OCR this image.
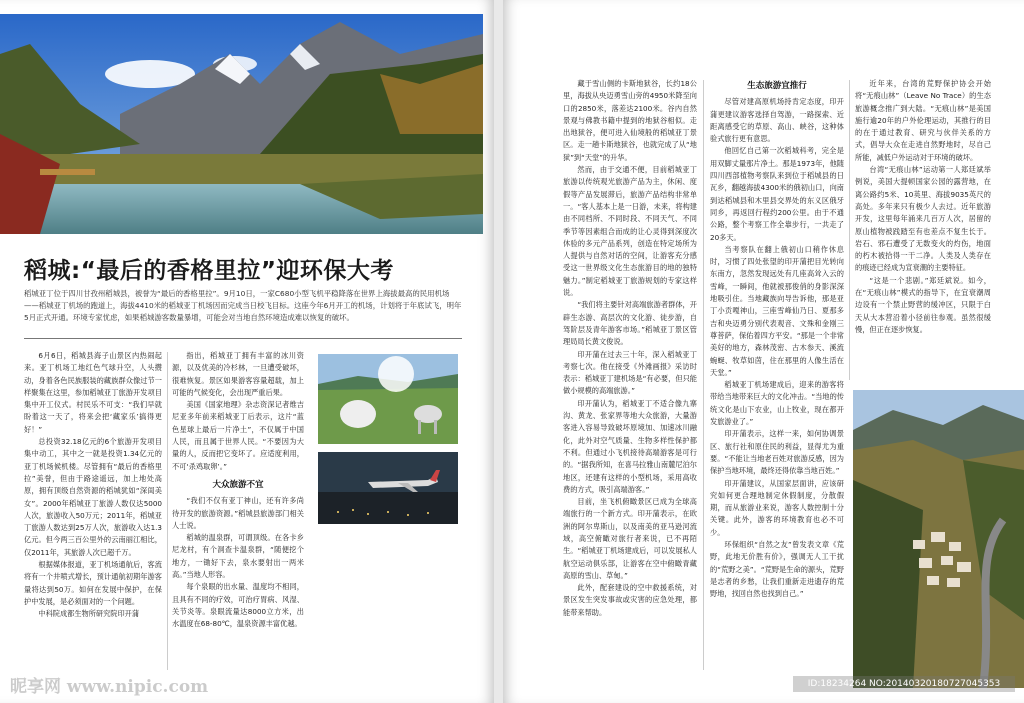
稻城:“最后的香格里拉”迎环保大考
稻城亚丁位于四川甘孜州稻城县，被誉为“最后的香格里拉”。9月10日，一家C680小型飞机平稳降落在世界上海拔最高的民用机场——稻城亚丁机场的跑道上，海拔4410米的稻城亚丁机场因而完成当日校飞目标。这座今年6月开工的机场，计划将于年底试飞，明年5月正式开通。环境专家忧虑，如果稻城游客数量暴增，可能会对当地自然环境造成难以恢复的破坏。

6月6日，稻城县海子山景区内热闹起来。亚丁机场工地红色气球升空，人头攒动，身着各色民族服装的藏族群众像过节一样聚集在这里，参加稻城亚丁旅游开发项目集中开工仪式。村民乐不可支：“我们早就盼着这一天了，将来会把‘藏家乐’搞得更好！”

总投资32.18亿元的6个旅游开发项目集中动工，其中之一就是投资1.34亿元的亚丁机场候机楼。尽管拥有“最后的香格里拉”美誉，但由于路途遥远，加上地处高原，拥有顶级自然资源的稻城犹如“深闺美女”。2000年稻城亚丁旅游人数仅达5000人次，旅游收入50万元；2011年，稻城亚丁旅游人数达到25万人次，旅游收入达1.3亿元。但今两三百公里外的云南丽江相比，仅2011年，其旅游人次已超千万。

根据媒体报道，亚丁机场通航后，客流将有一个井喷式增长，预计通航初期年游客量将达到50万。如何在发展中保护，在保护中发展，是必须面对的一个问题。

中科院成都生物所研究院印开蒲

指出，稻城亚丁拥有丰富的冰川资源，以及优美的冷杉林，一旦遭受破坏，很难恢复。景区如果游客容量超载，加上可能的气候变化，会出现严重后果。

美国《国家地理》杂志资深记者维吉尼亚多年前来稻城亚丁后表示，这片“蓝色星球上最后一片净土”，不仅属于中国人民，而且属于世界人民。“不要因为大量的人，反而把它变坏了。应适度利用，不可‘杀鸡取卵’。”

大众旅游不宜

“我们不仅有亚丁神山，还有许多尚待开发的旅游资源。”稻城县旅游部门相关人士说。

稻城的温泉群，可谓顶级。在各卡乡尼龙村，有个洞查卡温泉群，“随便挖个地方，一锄好下去，泉水要射出一两米高。”当地人形容。

每个泉眼的出水量、温度均不相同，且具有不同的疗效，可治疗胃病、风湿、关节炎等。泉眼流量达8000立方米，出水温度在68-80℃，温泉资源丰富优越。

昵享网 www.nipic.com

藏于雪山侧的卡斯地狱谷，长约18公里，海拔从央迈勇雪山旁的4950米降至向口的2850米，落差达2100米。谷内自然景观与佛教书籍中提到的地狱谷相似。走出地狱谷，便可进入仙境般的稻城亚丁景区。走一趟卡斯地狱谷，也就完成了从“地狱”到“天堂”的升华。

然而，由于交通不便，目前稻城亚丁旅游以传统观光旅游产品为主，休闲、度假等产品发展滞后，旅游产品结构非常单一。“客人基本上是一日游，未来，将构建由不同档所、不同时段、不同天气、不同季节等因素组合而成的让心灵得到深度次休验的多元产品系列，创造在特定场所为人提供与自然对话的空间，让游客充分感受这一世界级文化生态旅游目的地的独特魅力。”制定稻城亚丁旅游规划的专家这样说。

“我们将主要针对高端旅游者群体，开辟生态游、高层次的文化游、徒步游，自驾阶层及青年游客市场。”稻城亚丁景区管理局局长黄文俊说。

印开蒲在过去三十年，深入稻城亚丁考察七次。他在接受《外滩画报》采访时表示：稻城亚丁建机场是“有必要，但只能做小规模的高端旅游。”

印开蒲认为，稻城亚丁不适合像九寨沟、黄龙、张家界等地大众旅游，大量游客进入容易导致破坏原境加、加速冰川融化，此外对空气质量、生物多样性保护都不利。但通过小飞机接待高端游客是可行的。“据我所知，在喜马拉雅山南麓尼泊尔地区，还建有这样的小型机场，采用高收费的方式，吸引高端游客。”

目前，坐飞机俯瞰景区已成为全球高端旅行的一个新方式。印开蒲表示，在欧洲的阿尔卑斯山，以及南美的亚马逊河流域，高空俯瞰对旅行者来说，已不再陌生。“稻城亚丁机场建成后，可以发展私人航空运动俱乐部，让游客在空中俯瞰青藏高原的雪山、草甸。”

此外，配套建设的空中救援系统，对景区发生突发事故或灾害的应急处理，都能带来帮助。

生态旅游宜推行

尽管对建高原机场持肯定态度，印开蒲更建议游客选择自驾游，一路探索、近距离感受它的草原、高山、峡谷，这种体验式旅行更有意思。

他回忆自己第一次稻城科考，完全是用双脚丈量那片净土。那是1973年，他随四川西部植物考察队来到位于稻城县的日瓦乡，翻越海拔4300米的俄初山口，向南到达稻城县和木里县交界处的东义区俄牙同乡，再返回行程约200公里。由于不通公路，整个考察工作全靠步行，一共走了20多天。

当考察队在翻上俄初山口稍作休息时，习惯了四处张望的印开蒲把目光转向东南方，忽然发现远处有几座高耸入云的雪峰，一瞬间，他就被那俊俏的身影深深地吸引住。当地藏族向导告诉他，那是亚丁小贡嘎神山，三座雪峰仙乃日、夏那多吉和央迈勇分别代表观音、文殊和金刚三尊菩萨，保佑着四方平安。“那是一个非常美好的地方，森林茂密、古木参天、溪流蜿蜒、牧草如茵，住在那里的人像生活在天堂。”

稻城亚丁机场建成后，迎来的游客将带给当地带来巨大的文化冲击。“当地的传统文化是山下农业，山上牧业，现在都开发旅游业了。”

印开蒲表示，这样一来，如何协调景区、旅行社和原住民的利益，显得尤为重要。“不能让当地老百姓对旅游反感，因为保护当地环境，最终还得依靠当地百姓。”

印开蒲建议，从国家层面讲，应该研究如何更合理地制定休假制度，分散假期，而从旅游业来说，游客人数控制十分关键。此外，游客的环境教育也必不可少。

环保组织“自然之友”曾发表文章《荒野，此地无价胜有价》，强调无人工干扰的“荒野之美”。“荒野是生命的源头，荒野是志者的乡愁，让我们重新走进遗存的荒野地，找回自然也找到自己。”

近年来，台湾的荒野保护协会开始将“无痕山林”（Leave No Trace）的生态旅游概念推广到大陆。“无痕山林”是美国施行逾20年的户外伦理运动，其推行的目的在于通过教育、研究与伙伴关系的方式，倡导大众在走进自然野地时，尽自己所能，减低户外运动对于环境的破坏。

台湾“无痕山林”运动第一人郑廷斌举例说，美国大提顿国家公园的露营地，在离公路约5米、10英里、海拔9035英尺的高处。多年来只有极少人去过。近年旅游开发，这里每年涌来几百万人次，居留的原山植物被践踏至有也差点不复生长于。岩石、邪石遭受了无数变火的灼伤，地面的朽木被拾得一干二净。人类及人类存在的痕迹已经成为宣衰潮的主要特征。

“这是一个悲剧。”郑廷斌说。如今，在“无痕山林”模式的指导下，在宜衰潮周边设有一个禁止野营的缓冲区，只限于白天从大本营沿着小径前往参观。虽然很缓慢，但正在逐步恢复。

ID:18234264 NO:20140320180727045353
